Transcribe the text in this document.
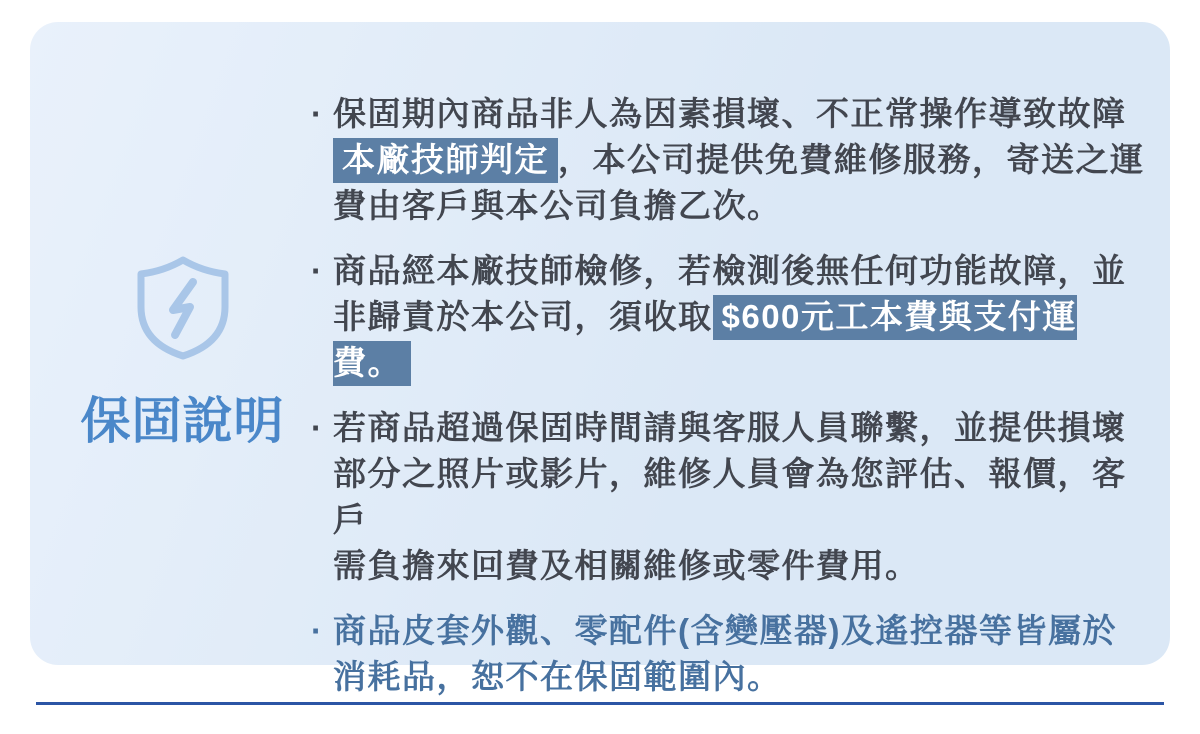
保固說明
· 保固期內商品非人為因素損壞、不正常操作導致故障
本廠技師判定 ，本公司提供免費維修服務，寄送之運
費由客戶與本公司負擔乙次。
· 商品經本廠技師檢修，若檢測後無任何功能故障，並
非歸責於本公司，須收取 $600元工本費與支付運費。
· 若商品超過保固時間請與客服人員聯繫，並提供損壞
部分之照片或影片，維修人員會為您評估、報價，客戶
需負擔來回費及相關維修或零件費用。
· 商品皮套外觀、零配件(含變壓器)及遙控器等皆屬於
消耗品，恕不在保固範圍內。
